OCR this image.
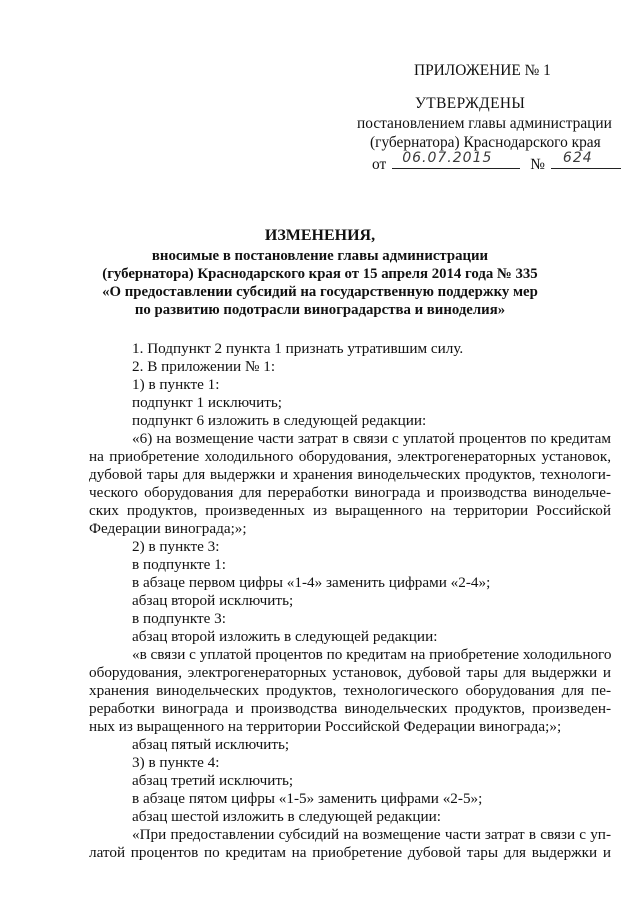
ПРИЛОЖЕНИЕ № 1
УТВЕРЖДЕНЫ
постановлением главы администрации
(губернатора) Краснодарского края
от 06.07.2015 № 624
ИЗМЕНЕНИЯ,
вносимые в постановление главы администрации
(губернатора) Краснодарского края от 15 апреля 2014 года № 335
«О предоставлении субсидий на государственную поддержку мер
по развитию подотрасли виноградарства и виноделия»
1. Подпункт 2 пункта 1 признать утратившим силу.
2. В приложении № 1:
1) в пункте 1:
подпункт 1 исключить;
подпункт 6 изложить в следующей редакции:
«6) на возмещение части затрат в связи с уплатой процентов по кредитам
на приобретение холодильного оборудования, электрогенераторных установок,
дубовой тары для выдержки и хранения винодельческих продуктов, технологи-
ческого оборудования для переработки винограда и производства винодельче-
ских продуктов, произведенных из выращенного на территории Российской
Федерации винограда;»;
2) в пункте 3:
в подпункте 1:
в абзаце первом цифры «1-4» заменить цифрами «2-4»;
абзац второй исключить;
в подпункте 3:
абзац второй изложить в следующей редакции:
«в связи с уплатой процентов по кредитам на приобретение холодильного
оборудования, электрогенераторных установок, дубовой тары для выдержки и
хранения винодельческих продуктов, технологического оборудования для пе-
реработки винограда и производства винодельческих продуктов, произведен-
ных из выращенного на территории Российской Федерации винограда;»;
абзац пятый исключить;
3) в пункте 4:
абзац третий исключить;
в абзаце пятом цифры «1-5» заменить цифрами «2-5»;
абзац шестой изложить в следующей редакции:
«При предоставлении субсидий на возмещение части затрат в связи с уп-
латой процентов по кредитам на приобретение дубовой тары для выдержки и
